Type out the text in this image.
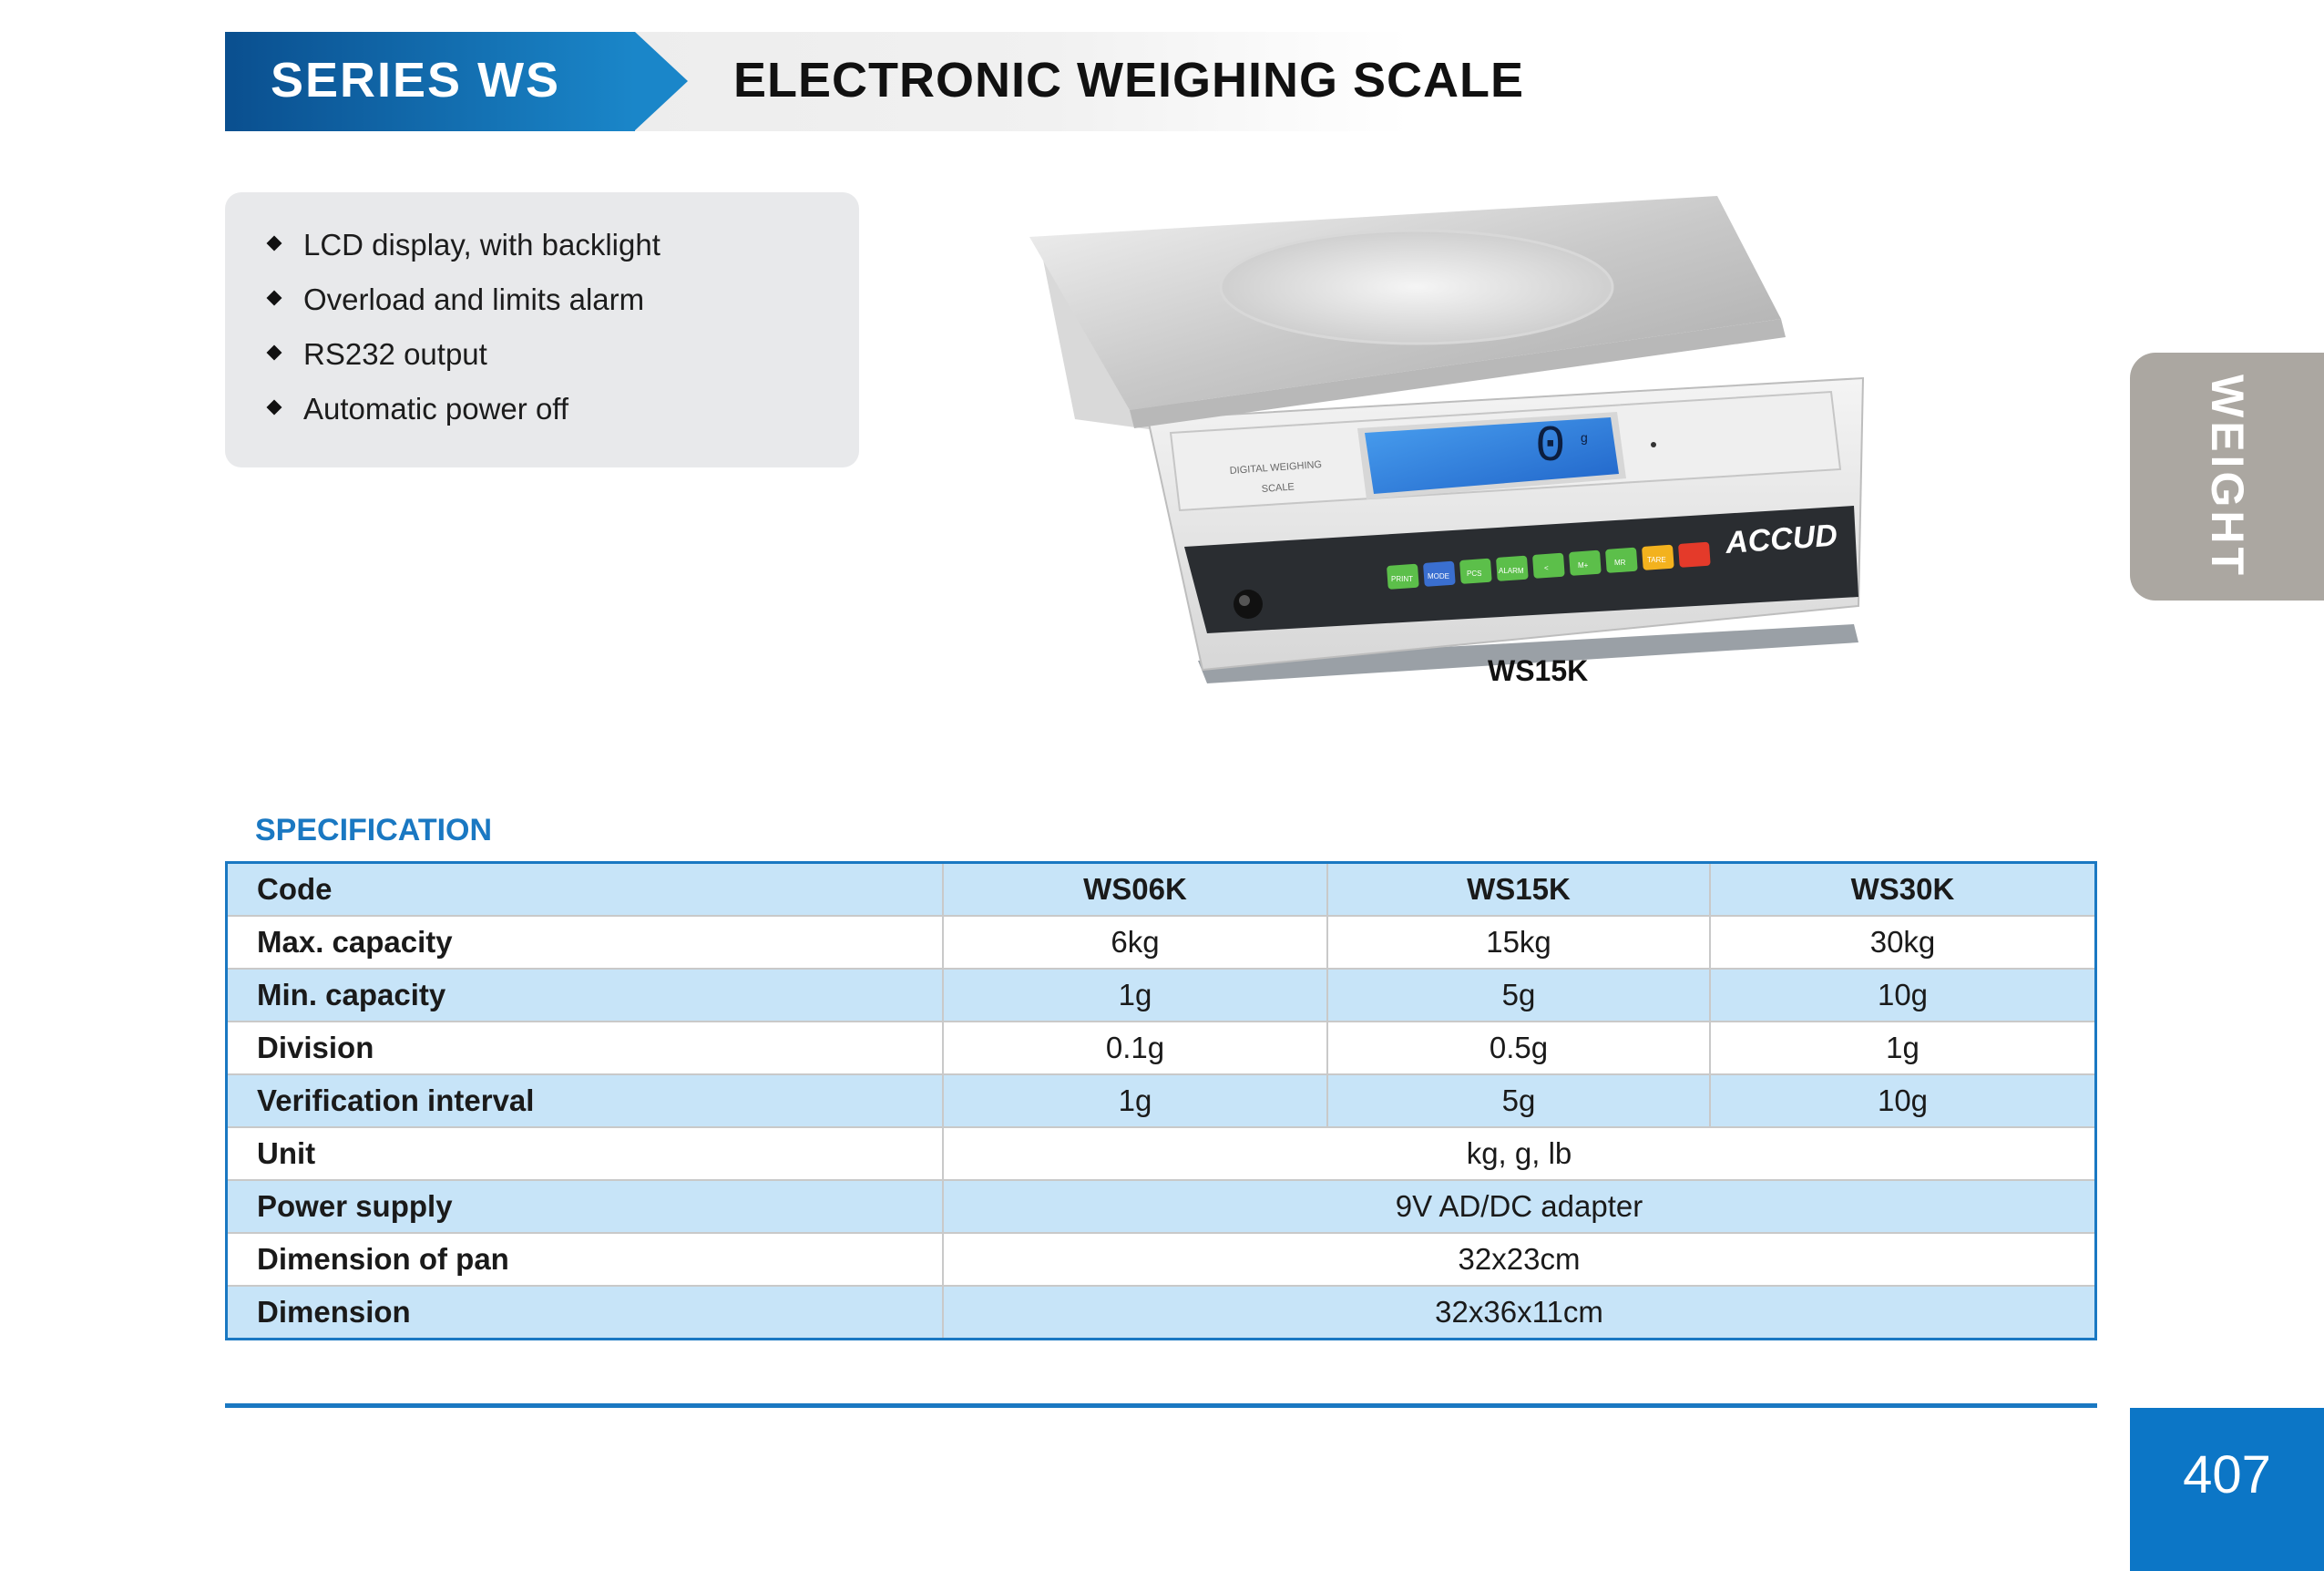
SERIES WS	ELECTRONIC WEIGHING SCALE
LCD display, with backlight
Overload and limits alarm
RS232 output
Automatic power off
DIGITAL WEIGHING
SCALE
0 g
PRINT MODE PCS ALARM	<	M+	MR	TARE ACCUD
WS15K
WEIGHT
SPECIFICATION
Code	WS06K	WS15K	WS30K
Max. capacity	6kg	15kg	30kg
Min. capacity	1g	5g	10g
Division	0.1g	0.5g	1g
Verification interval	1g	5g	10g
Unit	kg, g, lb		
Power supply	9V AD/DC adapter		
Dimension of pan	32x23cm		
Dimension	32x36x11cm		
407
